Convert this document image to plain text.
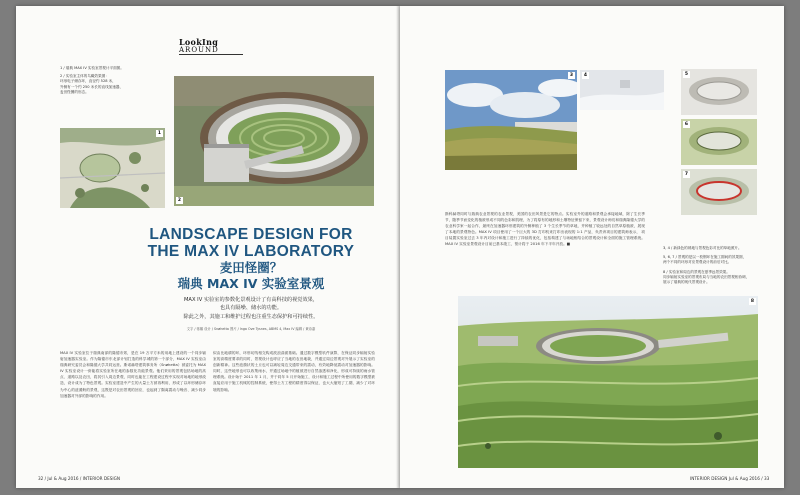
LookIng
AROUND
1 / 瑞典 MAX IV 实验室景观计平面图。
2 / 实验室主体的鸟瞰效果图：
环形电子储存环，直径约 528 米，
外侧有一个约 250 米长的直线加速器，
麦田怪圈的形态。
1
2
LANDSCAPE DESIGN FOR
THE MAX IV LABORATORY
麦田怪圈？
瑞典 MAX IV 实验室景观
MAX IV 实验室的参数化景观设计了有高科技的视觉效果，
也具有隔噪、储水的功能。
除此之外，其施工和维护过程也注重生态保护和可持续性。
文字 / 蒋娜 设计 / Snøhetta 图片 / Inga Ove Tysnes, ABMS 4, Max IV 编辑 / 黄诗嘉
MAX IV 实验室位于瑞典南部的隆德市郊，是在 19 万平方米的用地上建设的一个同步辐射加速器实验室。作为隆德市东北部计划打造的科学城的第一个部分，MAX IV 实验室由瑞典研究委员会和隆德大学共同运营。斯诺赫塔建筑事务所（Snøhetta）被委托为 MAX IV 实验室设计一套能将实验室所在地的参数化功能景观。他们采用的景观包括场地的高点、道路以及农田，将其引入周边景观，同时也能在工程建设过程中实现对场地的地形改造，设计成为了特色景观。实验室建造中产生的大量土方被再利用，形成了以环形储存环为中心的涟漪般的景观，这既是对农田景观的回应，也起到了隔离震动与噪音、减少同步加速器对外部的影响的作用。
似由比地耕的环，环形切线相交构成波浪曲面基础。通过数字模型软件演算，在保证同步辐射实验室的高精度要求的同时，景观设计也呼应了当地的农田地貌，并通过周边景观对外展示了实验室的创新精神。这些涟漪状的土丘也可以减轻周边交通带来的震动，有效地降低震动对加速器的影响。同时，这些地形也可以收集雨水，并通过场地中的植被进行自然渗透和净化，形成可持续的雨水管理系统。设计始于 2011 年 1 月，并于同年 5 月开始施工，设计和施工过程中所使用的数字模型被直接应用于施工机械的控制系统，使得土方工程的精度得以保证，也大大缩短了工期，减少了对环境的影响。
32 / Jul & Aug 2016 / INTERIOR DESIGN
3	4	5
6
7
斯科赫塔同时与瑞典农业景观的农业景观，美国的农田风景是它的特点。实验室外的道路和景观会承接地域，除了生长季节，随季节而变化的植被形成不同的色彩和肌理，为了将原有的地形和土壤特征保留下来，景观设计师们和瑞典隆德大学的农业科学家一起合作，最终在加速器环形建筑的外侧种植了 3 个生长季节的草地，并种植了较远处的自然草原植被，展现了本地的景观特色。MAX IV 项目使用了一个巨大的 3D 打印机来打印出表现的 1:1 产品，负责该项目的建筑师表示， 项目装置实验室过去 3 年内对设计和施工进行了持续的优化，包括构建了与场地相结合的景观设计和全面的施工管理系统。MAX IV 实验室景观设计目前已基本竣工，预计将于 2016 年下半年开放。■
3, 4 / 新绿色的坡地与景观色彩对比的草地照片。
5, 6, 7 / 景观的是以一枚钢环在施工期间的效果图，
两个不同的环形对应景观设计的前后对比。
8 / 实验室和周边的景观在夏季远景效果。
同步辐射实验室的景观布局与当地的农田景观相协调，
展示了瑞典的现代景观设计。
8
INTERIOR DESIGN Jul & Aug 2016 / 33
